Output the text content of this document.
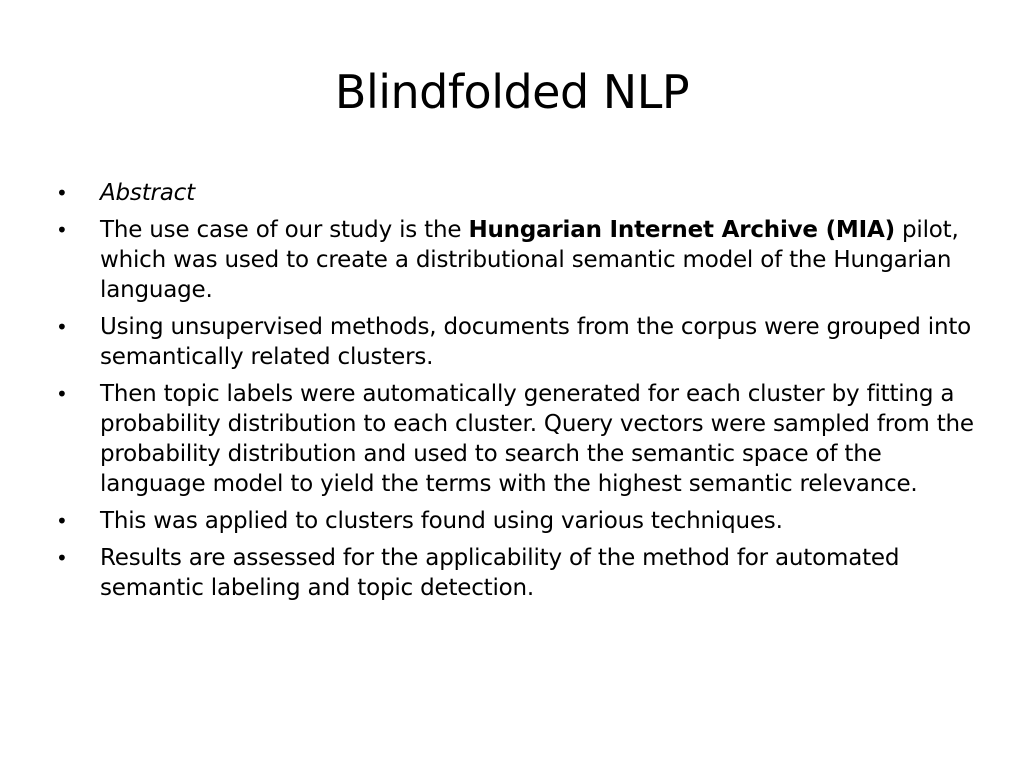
Blindfolded NLP
•	Abstract
•	The use case of our study is the Hungarian Internet Archive (MIA) pilot, which was used to create a distributional semantic model of the Hungarian language.
•	Using unsupervised methods, documents from the corpus were grouped into semantically related clusters.
•	Then topic labels were automatically generated for each cluster by fitting a probability distribution to each cluster. Query vectors were sampled from the probability distribution and used to search the semantic space of the language model to yield the terms with the highest semantic relevance.
•	This was applied to clusters found using various techniques.
•	Results are assessed for the applicability of the method for automated semantic labeling and topic detection.
